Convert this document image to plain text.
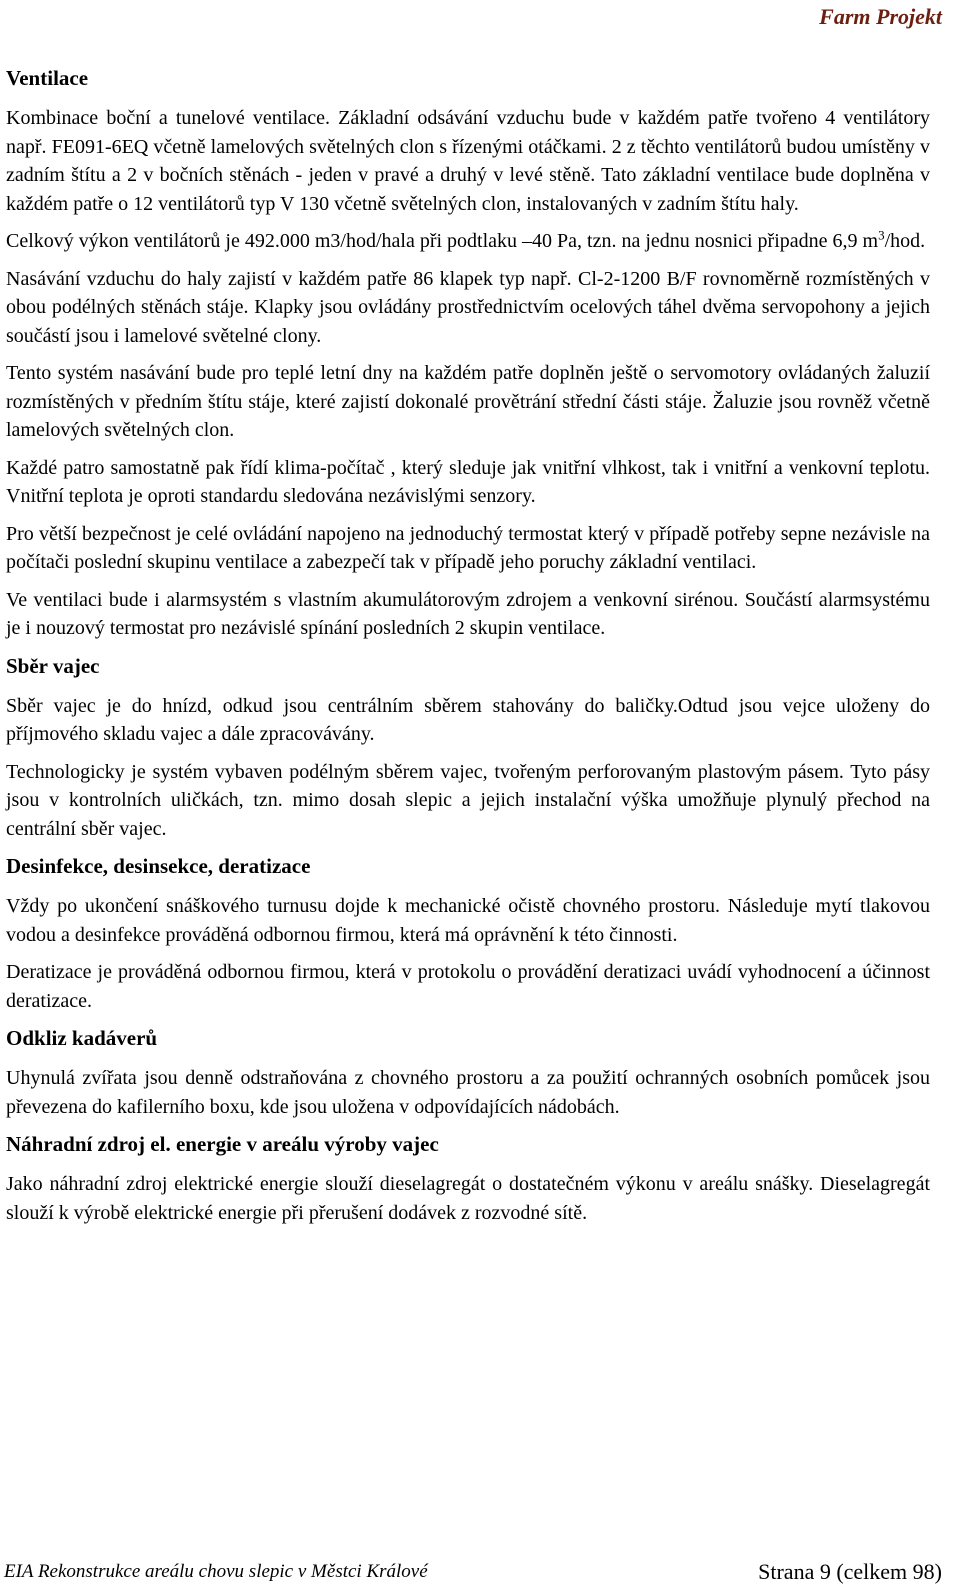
Farm Projekt
Ventilace

Kombinace boční a tunelové ventilace. Základní odsávání vzduchu bude v každém patře tvořeno 4 ventilátory např. FE091-6EQ včetně lamelových světelných clon s řízenými otáčkami. 2 z těchto ventilátorů budou umístěny v zadním štítu a 2 v bočních stěnách - jeden v pravé a druhý v levé stěně. Tato základní ventilace bude doplněna v každém patře o 12 ventilátorů typ V 130 včetně světelných clon, instalovaných v zadním štítu haly.

Celkový výkon ventilátorů je 492.000 m3/hod/hala při podtlaku –40 Pa, tzn. na jednu nosnici připadne 6,9 $m^3$/hod.

Nasávání vzduchu do haly zajistí v každém patře 86 klapek typ např. Cl-2-1200 B/F rovnoměrně rozmístěných v obou podélných stěnách stáje. Klapky jsou ovládány prostřednictvím ocelových táhel dvěma servopohony a jejich součástí jsou i lamelové světelné clony.

Tento systém nasávání bude pro teplé letní dny na každém patře doplněn ještě o servomotory ovládaných žaluzií rozmístěných v předním štítu stáje, které zajistí dokonalé provětrání střední části stáje. Žaluzie jsou rovněž včetně lamelových světelných clon.

Každé patro samostatně pak řídí klima-počítač , který sleduje jak vnitřní vlhkost, tak i vnitřní a venkovní teplotu. Vnitřní teplota je oproti standardu sledována nezávislými senzory.

Pro větší bezpečnost je celé ovládání napojeno na jednoduchý termostat který v případě potřeby sepne nezávisle na počítači poslední skupinu ventilace a zabezpečí tak v případě jeho poruchy základní ventilaci.

Ve ventilaci bude i alarmsystém s vlastním akumulátorovým zdrojem a venkovní sirénou. Součástí alarmsystému je i nouzový termostat pro nezávislé spínání posledních 2 skupin ventilace.

Sběr vajec

Sběr vajec je do hnízd, odkud jsou centrálním sběrem stahovány do baličky.Odtud jsou vejce uloženy do příjmového skladu vajec a dále zpracovávány.

Technologicky je systém vybaven podélným sběrem vajec, tvořeným perforovaným plastovým pásem. Tyto pásy jsou v kontrolních uličkách, tzn. mimo dosah slepic a jejich instalační výška umožňuje plynulý přechod na centrální sběr vajec.

Desinfekce, desinsekce, deratizace

Vždy po ukončení snáškového turnusu dojde k mechanické očistě chovného prostoru. Následuje mytí tlakovou vodou a desinfekce prováděná odbornou firmou, která má oprávnění k této činnosti.

Deratizace je prováděná odbornou firmou, která v protokolu o provádění deratizaci uvádí vyhodnocení a účinnost deratizace.

Odkliz kadáverů

Uhynulá zvířata jsou denně odstraňována z chovného prostoru a za použití ochranných osobních pomůcek jsou převezena do kafilerního boxu, kde jsou uložena v odpovídajících nádobách.

Náhradní zdroj el. energie v areálu výroby vajec

Jako náhradní zdroj elektrické energie slouží dieselagregát o dostatečném výkonu v areálu snášky. Dieselagregát slouží k výrobě elektrické energie při přerušení dodávek z rozvodné sítě.

EIA Rekonstrukce areálu chovu slepic v Městci Králové	Strana 9 (celkem 98)
